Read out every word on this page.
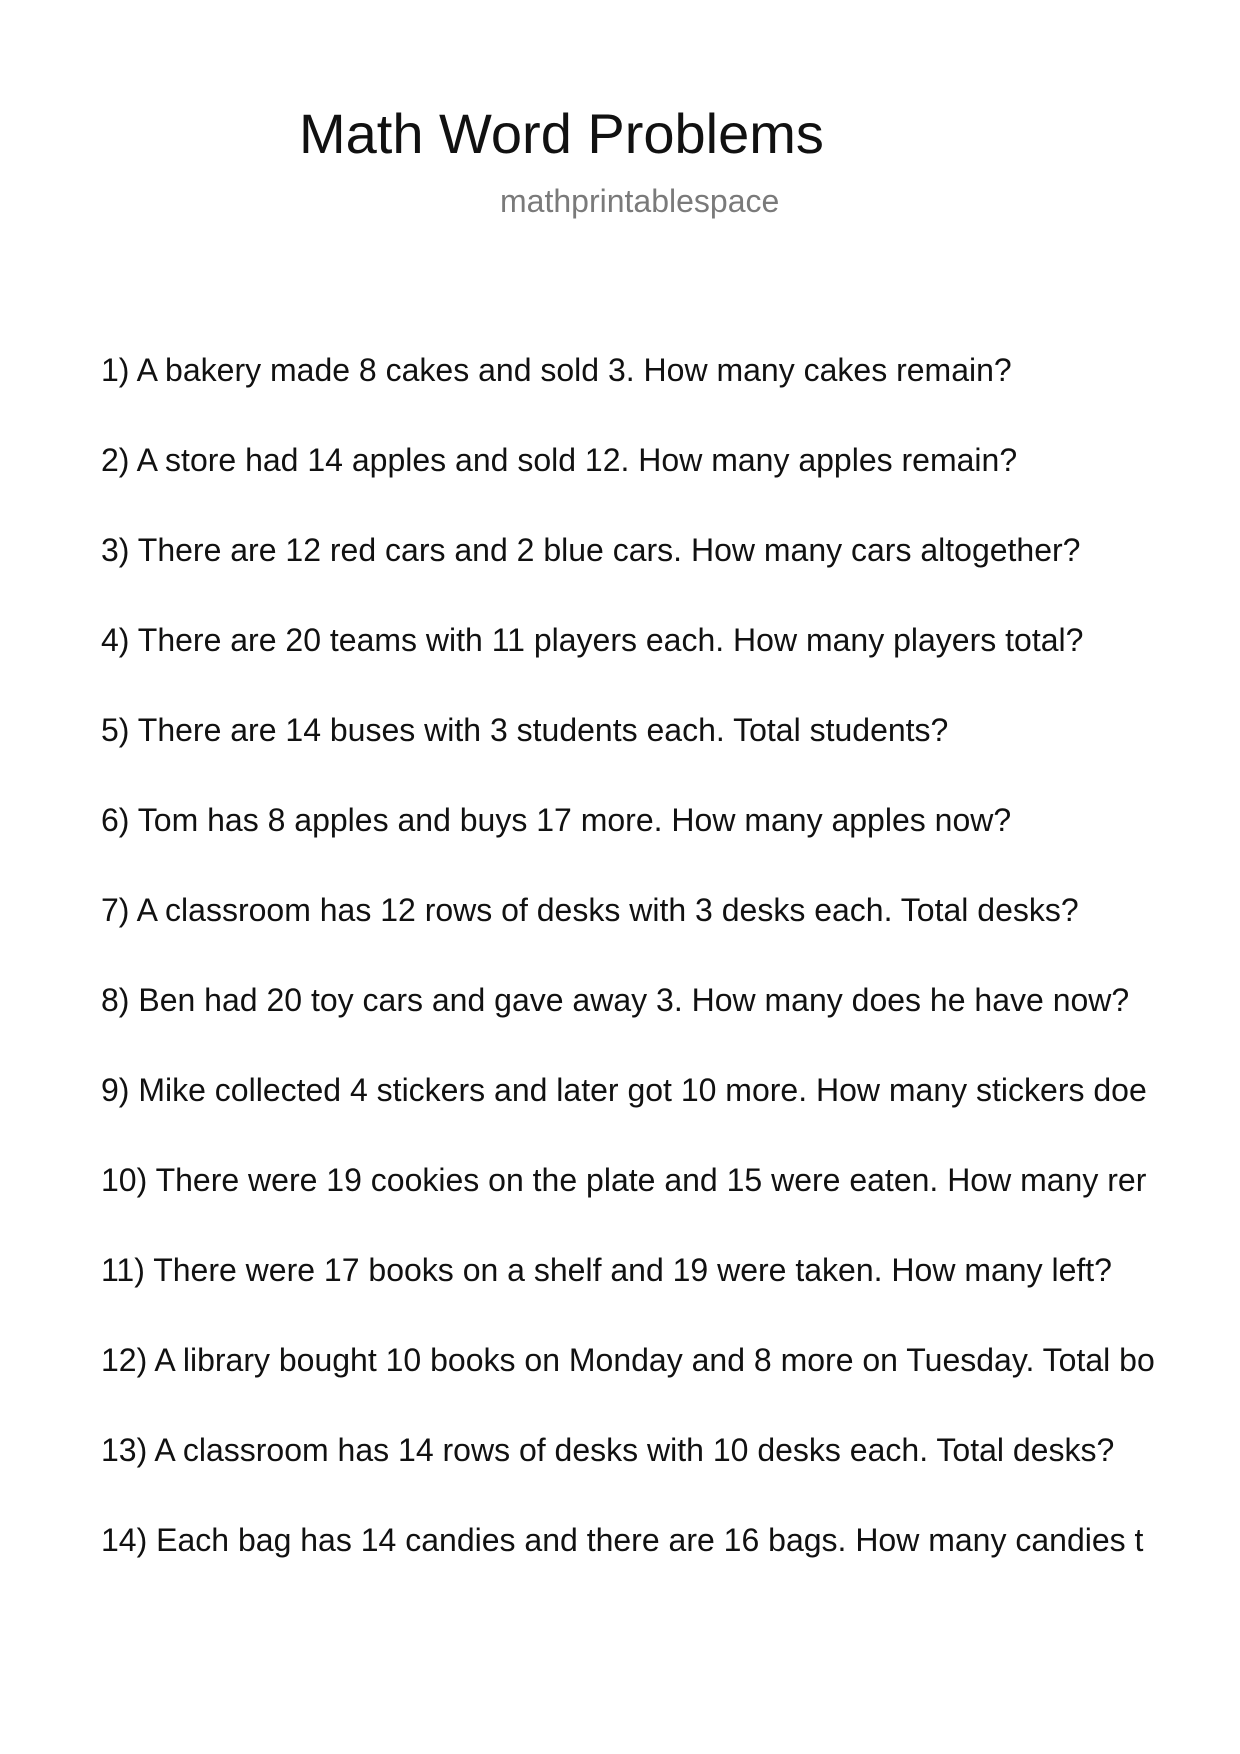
Math Word Problems
mathprintablespace
1) A bakery made 8 cakes and sold 3. How many cakes remain?
2) A store had 14 apples and sold 12. How many apples remain?
3) There are 12 red cars and 2 blue cars. How many cars altogether?
4) There are 20 teams with 11 players each. How many players total?
5) There are 14 buses with 3 students each. Total students?
6) Tom has 8 apples and buys 17 more. How many apples now?
7) A classroom has 12 rows of desks with 3 desks each. Total desks?
8) Ben had 20 toy cars and gave away 3. How many does he have now?
9) Mike collected 4 stickers and later got 10 more. How many stickers doe
10) There were 19 cookies on the plate and 15 were eaten. How many rer
11) There were 17 books on a shelf and 19 were taken. How many left?
12) A library bought 10 books on Monday and 8 more on Tuesday. Total bo
13) A classroom has 14 rows of desks with 10 desks each. Total desks?
14) Each bag has 14 candies and there are 16 bags. How many candies t
